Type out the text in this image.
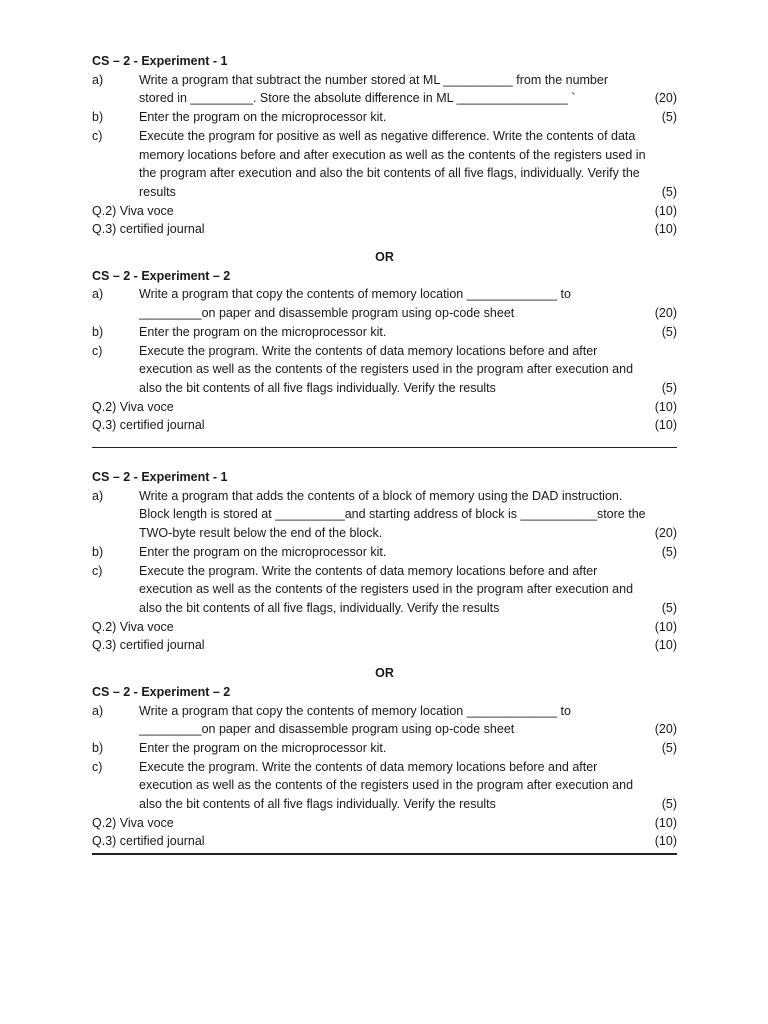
CS – 2 - Experiment - 1
a)	Write a program that subtract the number stored at ML __________ from the number
stored in _________. Store the absolute difference in ML ________________ `	(20)
b)	Enter the program on the microprocessor kit.	(5)
c)	Execute the program for positive as well as negative difference. Write the contents of data
memory locations before and after execution as well as the contents of the registers used in
the program after execution and also the bit contents of all five flags, individually. Verify the
results	(5)
Q.2) Viva voce	(10)
Q.3) certified journal	(10)
OR
CS – 2 - Experiment – 2
a)	Write a program that copy the contents of memory location _____________ to
_________on paper and disassemble program using op-code sheet	(20)
b)	Enter the program on the microprocessor kit.	(5)
c)	Execute the program. Write the contents of data memory locations before and after
execution as well as the contents of the registers used in the program after execution and
also the bit contents of all five flags individually. Verify the results	(5)
Q.2) Viva voce	(10)
Q.3) certified journal	(10)
CS – 2 - Experiment - 1
a)	Write a program that adds the contents of a block of memory using the DAD instruction.
Block length is stored at __________and starting address of block is ___________store the
TWO-byte result below the end of the block.	(20)
b)	Enter the program on the microprocessor kit.	(5)
c)	Execute the program. Write the contents of data memory locations before and after
execution as well as the contents of the registers used in the program after execution and
also the bit contents of all five flags, individually. Verify the results	(5)
Q.2) Viva voce	(10)
Q.3) certified journal	(10)
OR
CS – 2 - Experiment – 2
a)	Write a program that copy the contents of memory location _____________ to
_________on paper and disassemble program using op-code sheet	(20)
b)	Enter the program on the microprocessor kit.	(5)
c)	Execute the program. Write the contents of data memory locations before and after
execution as well as the contents of the registers used in the program after execution and
also the bit contents of all five flags individually. Verify the results	(5)
Q.2) Viva voce	(10)
Q.3) certified journal	(10)
